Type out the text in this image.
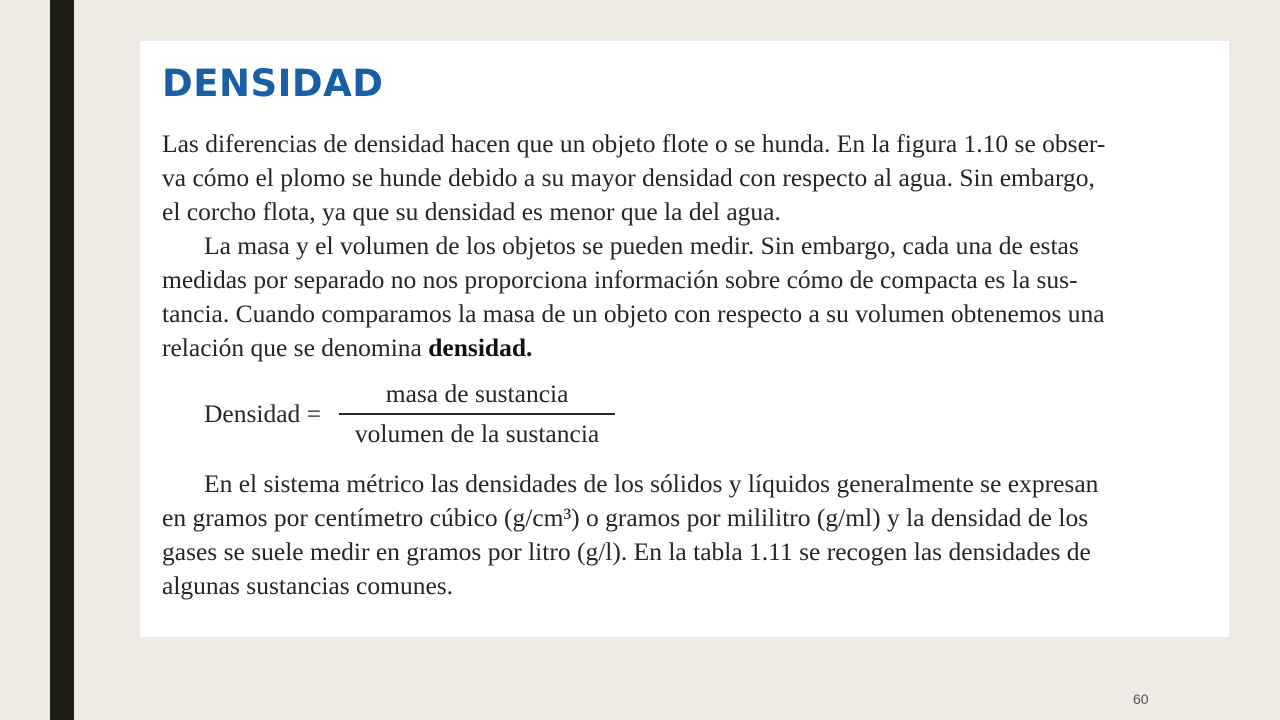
DENSIDAD

Las diferencias de densidad hacen que un objeto flote o se hunda. En la figura 1.10 se obser-
va cómo el plomo se hunde debido a su mayor densidad con respecto al agua. Sin embargo,
el corcho flota, ya que su densidad es menor que la del agua.

La masa y el volumen de los objetos se pueden medir. Sin embargo, cada una de estas
medidas por separado no nos proporciona información sobre cómo de compacta es la sus-
tancia. Cuando comparamos la masa de un objeto con respecto a su volumen obtenemos una
relación que se denomina densidad.

Densidad = $\frac{\text{masa de sustancia}}{\text{volumen de la sustancia}}$

En el sistema métrico las densidades de los sólidos y líquidos generalmente se expresan
en gramos por centímetro cúbico (g/cm³) o gramos por mililitro (g/ml) y la densidad de los
gases se suele medir en gramos por litro (g/l). En la tabla 1.11 se recogen las densidades de
algunas sustancias comunes.

60
